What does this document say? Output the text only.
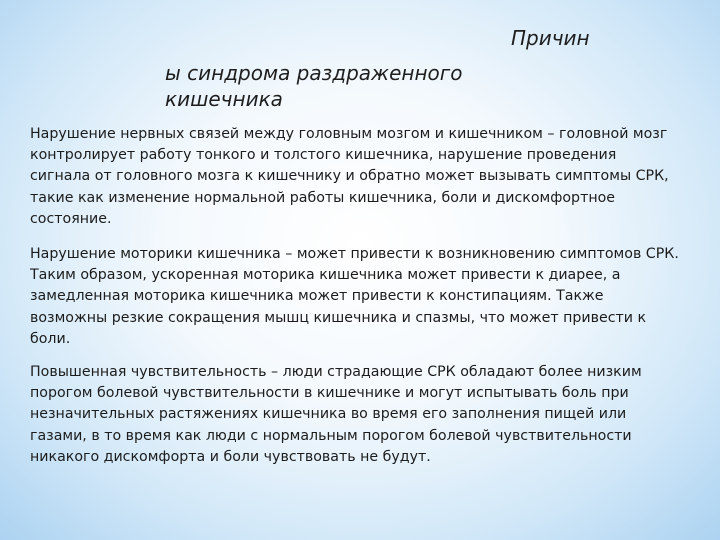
Причин
ы синдрома раздраженного кишечника

Нарушение нервных связей между головным мозгом и кишечником – головной мозг контролирует работу тонкого и толстого кишечника, нарушение проведения сигнала от головного мозга к кишечнику и обратно может вызывать симптомы СРК, такие как изменение нормальной работы кишечника, боли и дискомфортное состояние.

Нарушение моторики кишечника – может привести к возникновению симптомов СРК. Таким образом, ускоренная моторика кишечника может привести к диарее, а замедленная моторика кишечника может привести к констипациям. Также возможны резкие сокращения мышц кишечника и спазмы, что может привести к боли.

Повышенная чувствительность – люди страдающие СРК обладают более низким порогом болевой чувствительности в кишечнике и могут испытывать боль при незначительных растяжениях кишечника во время его заполнения пищей или газами, в то время как люди с нормальным порогом болевой чувствительности никакого дискомфорта и боли чувствовать не будут.
